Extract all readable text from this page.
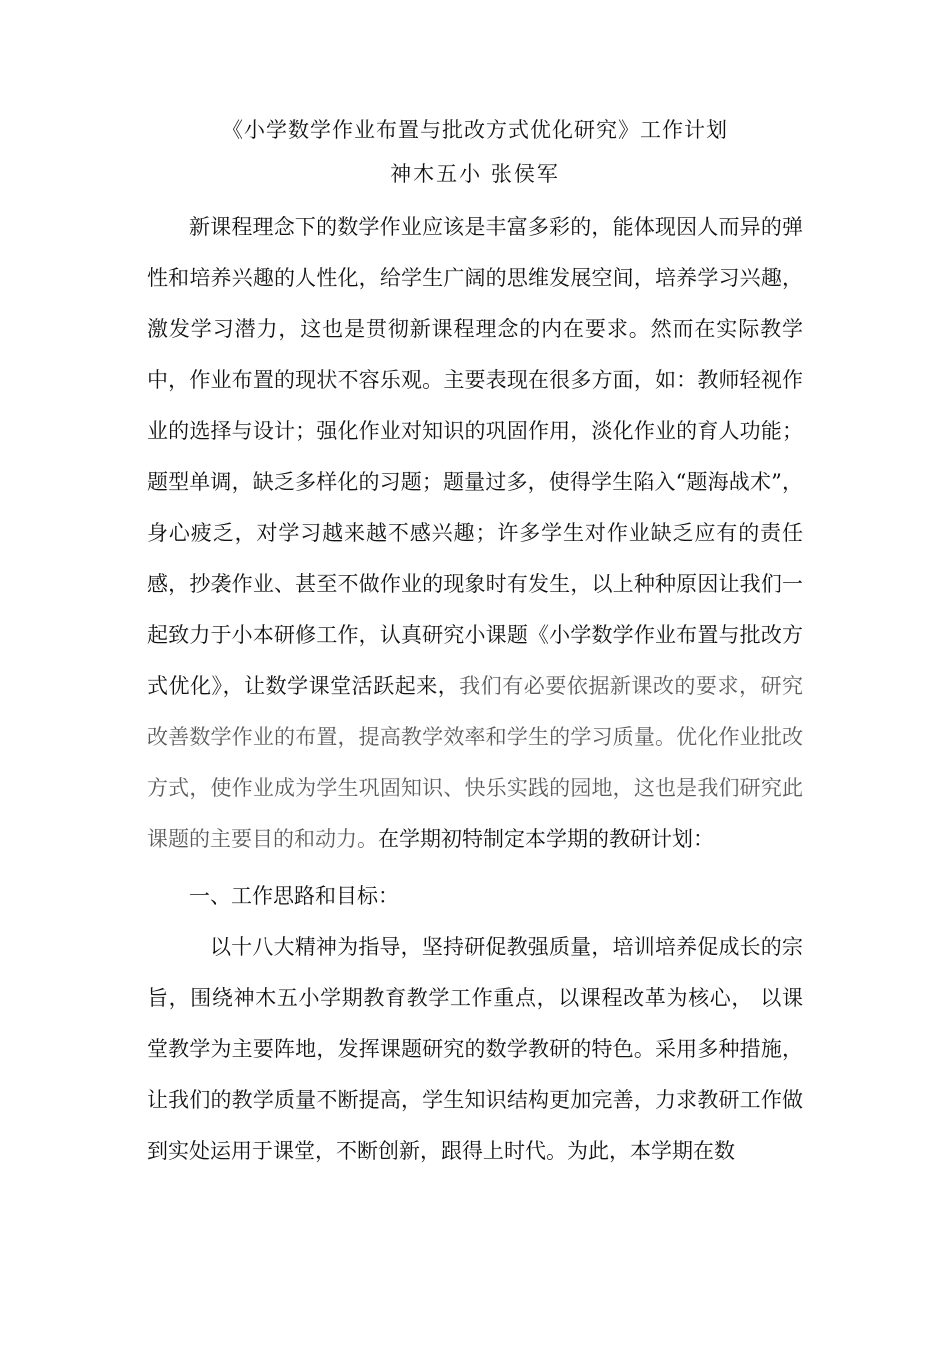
《小学数学作业布置与批改方式优化研究》工作计划

神木五小 张侯军

新课程理念下的数学作业应该是丰富多彩的，能体现因人而异的弹性和培养兴趣的人性化，给学生广阔的思维发展空间，培养学习兴趣，激发学习潜力，这也是贯彻新课程理念的内在要求。然而在实际教学中，作业布置的现状不容乐观。主要表现在很多方面，如：教师轻视作业的选择与设计；强化作业对知识的巩固作用，淡化作业的育人功能；题型单调，缺乏多样化的习题；题量过多，使得学生陷入“题海战术”，身心疲乏，对学习越来越不感兴趣；许多学生对作业缺乏应有的责任感，抄袭作业、甚至不做作业的现象时有发生，以上种种原因让我们一起致力于小本研修工作，认真研究小课题《小学数学作业布置与批改方式优化》，让数学课堂活跃起来，我们有必要依据新课改的要求，研究改善数学作业的布置，提高教学效率和学生的学习质量。优化作业批改方式，使作业成为学生巩固知识、快乐实践的园地，这也是我们研究此课题的主要目的和动力。在学期初特制定本学期的教研计划：

一、工作思路和目标：

以十八大精神为指导，坚持研促教强质量，培训培养促成长的宗旨，围绕神木五小学期教育教学工作重点，以课程改革为核心， 以课堂教学为主要阵地，发挥课题研究的数学教研的特色。采用多种措施，让我们的教学质量不断提高，学生知识结构更加完善，力求教研工作做到实处运用于课堂，不断创新，跟得上时代。为此，本学期在数
